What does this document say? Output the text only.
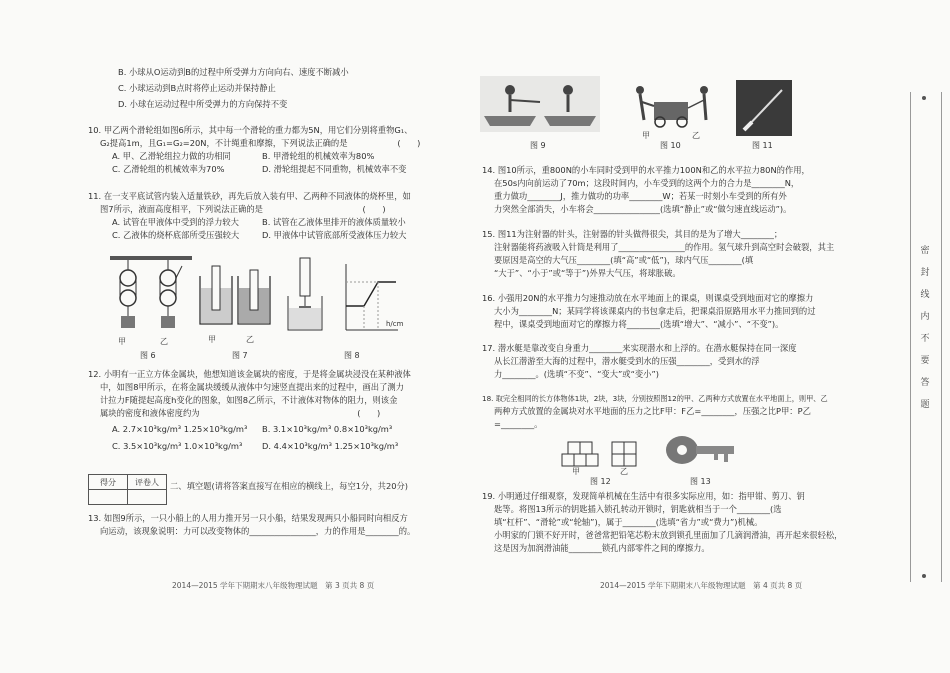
B. 小球从O运动到B的过程中所受弹力方向向右、速度不断减小

C. 小球运动到B点时将停止运动并保持静止

D. 小球在运动过程中所受弹力的方向保持不变

10. 甲乙两个滑轮组如图6所示，其中每一个滑轮的重力都为5N，用它们分别将重物G₁、

G₂提高1m，且G₁=G₂=20N，不计绳重和摩擦，下列说法正确的是　　　　　　(　　)

A. 甲、乙滑轮组拉力做的功相同	B. 甲滑轮组的机械效率为80%
C. 乙滑轮组的机械效率为70%	D. 滑轮组提起不同重物，机械效率不变

11. 在一支平底试管内装入适量铁砂，再先后放入装有甲、乙两种不同液体的烧杯里，如

图7所示，液面高度相平，下列说法正确的是　　　　　　　　　　　　(　　)

A. 试管在甲液体中受到的浮力较大	B. 试管在乙液体里排开的液体质量较小
C. 乙液体的烧杯底部所受压强较大	D. 甲液体中试管底部所受液体压力较大
甲	乙
图 6
甲	乙
图 7
h/cm
图 8

12. 小明有一正立方体金属块，他想知道该金属块的密度，于是将金属块浸没在某种液体

中，如图8甲所示，在将金属块缓缓从液体中匀速竖直提出来的过程中，画出了测力

计拉力F随提起高度h变化的图象，如图8乙所示，不计液体对物体的阻力，则该金

属块的密度和液体密度约为　　　　　　　　　　　　　　　　　　　(　　)

A. 2.7×10³kg/m³ 1.25×10³kg/m³	B. 3.1×10³kg/m³ 0.8×10³kg/m³
C. 3.5×10³kg/m³ 1.0×10³kg/m³	D. 4.4×10³kg/m³ 1.25×10³kg/m³
得分	评卷人
	二、填空题(请将答案直接写在相应的横线上，每空1分，共20分)

13. 如图9所示，一只小船上的人用力推开另一只小船，结果发现两只小船同时向相反方

向运动，该现象说明：力可以改变物体的________________，力的作用是________的。

2014—2015 学年下期期末八年级物理试题　第 3 页共 8 页
图 9
甲	乙
图 10	图 11

14. 图10所示，重800N的小车同时受到甲的水平推力100N和乙的水平拉力80N的作用，

在50s内向前运动了70m；这段时间内，小车受到的这两个力的合力是________N，

重力做功________J，推力做功的功率________W；若某一时刻小车受到的所有外

力突然全部消失，小车将会________________(选填“静止”或“做匀速直线运动”)。

15. 图11为注射器的针头，注射器的针头做得很尖，其目的是为了增大________；

注射器能将药液吸入针筒是利用了________________的作用。氢气球升到高空时会破裂，其主

要原因是高空的大气压________(填“高”或“低”)，球内气压________(填

“大于”、“小于”或“等于”)外界大气压，将球胀破。

16. 小强用20N的水平推力匀速推动放在水平地面上的课桌，则课桌受到地面对它的摩擦力

大小为________N；某同学将该课桌内的书包拿走后，把课桌沿原路用水平力推回到的过

程中，课桌受到地面对它的摩擦力将________(选填“增大”、“减小”、“不变”)。

17. 潜水艇是靠改变自身重力________来实现潜水和上浮的。在潜水艇保持在同一深度

从长江潜游至大海的过程中，潜水艇受到水的压强________，受到水的浮

力________。(选填“不变”、“变大”或“变小”)

18. 取完全相同的长方体物体1块，2块，3块，分别按照图12的甲、乙两种方式放置在水平地面上，则甲、乙

两种方式放置的金属块对水平地面的压力之比F甲：F乙=________，压强之比P甲：P乙

=________。

甲	乙
图 12	图 13

19. 小明通过仔细观察，发现简单机械在生活中有很多实际应用，如：指甲钳、剪刀、钥

匙等。将图13所示的钥匙插入锁孔转动开锁时，钥匙就相当于一个________(选

填“杠杆”、“滑轮”或“轮轴”)，属于________(选填“省力”或“费力”)机械。

小明家的门锁不好开时，爸爸常把铅笔芯粉末放到锁孔里面加了几滴润滑油，再开起来很轻松，

这是因为加润滑油能________锁孔内部零件之间的摩擦力。

2014—2015 学年下期期末八年级物理试题　第 4 页共 8 页
密
封
线
内
不
要
答
题
